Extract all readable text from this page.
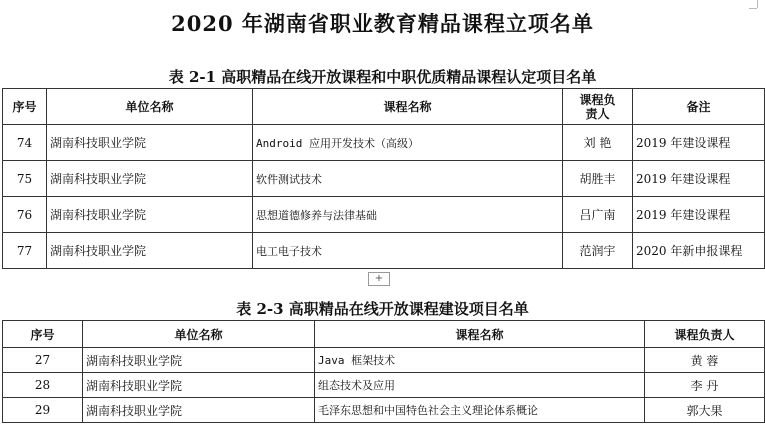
2020 年湖南省职业教育精品课程立项名单
表 2-1 高职精品在线开放课程和中职优质精品课程认定项目名单
序号	单位名称	课程名称	课程负责人	备注
74	湖南科技职业学院	Android 应用开发技术（高级）	刘 艳	2019 年建设课程
75	湖南科技职业学院	软件测试技术	胡胜丰	2019 年建设课程
76	湖南科技职业学院	思想道德修养与法律基础	吕广南	2019 年建设课程
77	湖南科技职业学院	电工电子技术	范润宇	2020 年新申报课程
+
表 2-3 高职精品在线开放课程建设项目名单
序号	单位名称	课程名称	课程负责人
27	湖南科技职业学院	Java 框架技术	黄 蓉
28	湖南科技职业学院	组态技术及应用	李 丹
29	湖南科技职业学院	毛泽东思想和中国特色社会主义理论体系概论	郭大果
